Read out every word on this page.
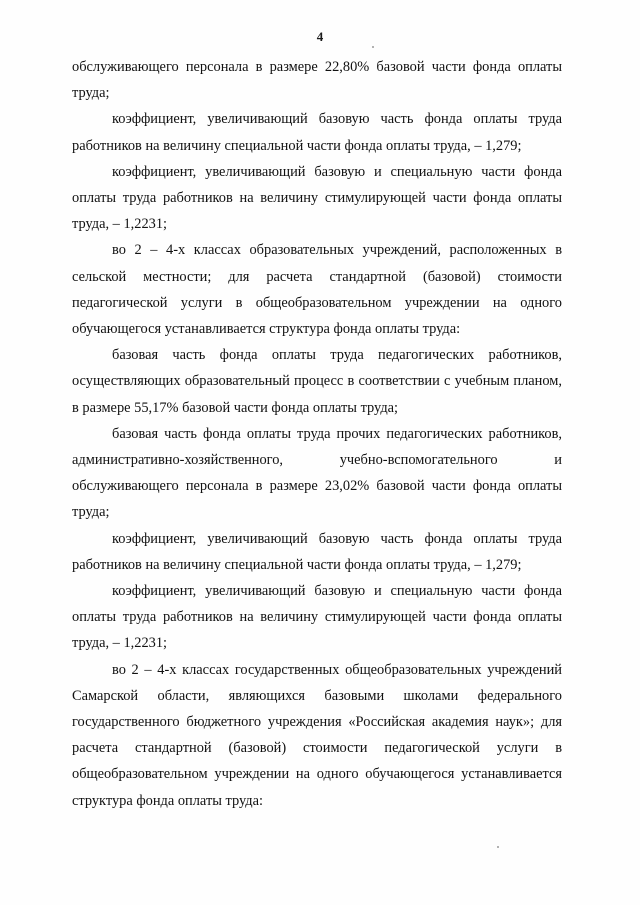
4

обслуживающего персонала в размере 22,80% базовой части фонда оплаты труда;

коэффициент, увеличивающий базовую часть фонда оплаты труда работников на величину специальной части фонда оплаты труда, – 1,279;

коэффициент, увеличивающий базовую и специальную части фонда оплаты труда работников на величину стимулирующей части фонда оплаты труда, – 1,2231;

во 2 – 4-х классах образовательных учреждений, расположенных в сельской местности; для расчета стандартной (базовой) стоимости педагогической услуги в общеобразовательном учреждении на одного обучающегося устанавливается структура фонда оплаты труда:

базовая часть фонда оплаты труда педагогических работников, осуществляющих образовательный процесс в соответствии с учебным планом, в размере 55,17% базовой части фонда оплаты труда;

базовая часть фонда оплаты труда прочих педагогических работников, административно-хозяйственного, учебно-вспомогательного и обслуживающего персонала в размере 23,02% базовой части фонда оплаты труда;

коэффициент, увеличивающий базовую часть фонда оплаты труда работников на величину специальной части фонда оплаты труда, – 1,279;

коэффициент, увеличивающий базовую и специальную части фонда оплаты труда работников на величину стимулирующей части фонда оплаты труда, – 1,2231;

во 2 – 4-х классах государственных общеобразовательных учреждений Самарской области, являющихся базовыми школами федерального государственного бюджетного учреждения «Российская академия наук»; для расчета стандартной (базовой) стоимости педагогической услуги в общеобразовательном учреждении на одного обучающегося устанавливается структура фонда оплаты труда:
